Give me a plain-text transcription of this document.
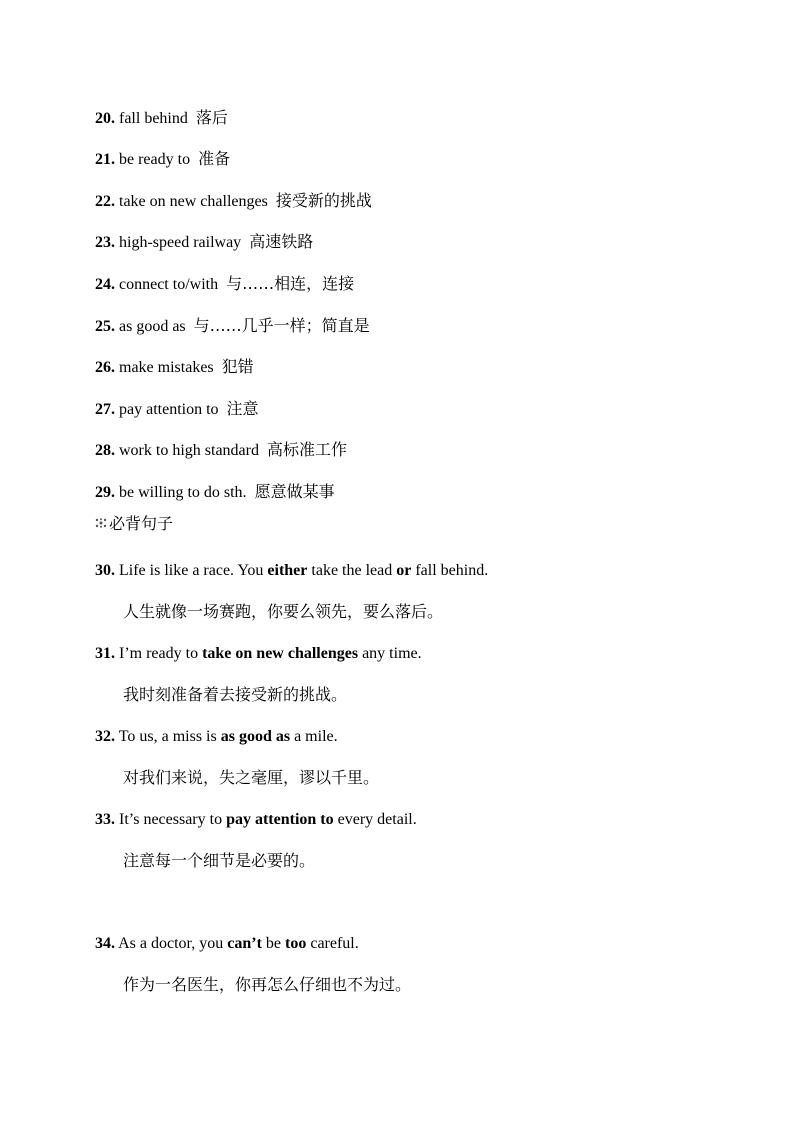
20. fall behind 落后
21. be ready to 准备
22. take on new challenges 接受新的挑战
23. high-speed railway 高速铁路
24. connect to/with 与……相连，连接
25. as good as 与……几乎一样；简直是
26. make mistakes 犯错
27. pay attention to 注意
28. work to high standard 高标准工作
29. be willing to do sth. 愿意做某事
必背句子
30. Life is like a race. You either take the lead or fall behind.
人生就像一场赛跑，你要么领先，要么落后。
31. I’m ready to take on new challenges any time.
我时刻准备着去接受新的挑战。
32. To us, a miss is as good as a mile.
对我们来说，失之毫厘，谬以千里。
33. It’s necessary to pay attention to every detail.
注意每一个细节是必要的。
34. As a doctor, you can’t be too careful.
作为一名医生，你再怎么仔细也不为过。
